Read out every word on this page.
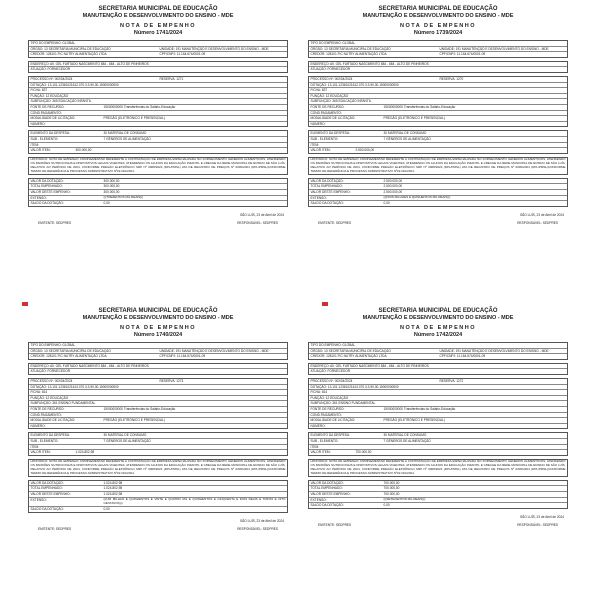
SECRETARIA MUNICIPAL DE EDUCAÇÃO
MANUTENÇÃO E DESENVOLVIMENTO DO ENSINO - MDE
NOTA DE EMPENHO
Número 1741/2024
TIPO DO EMPENHO: GLOBAL
ÓRGÃO: 13 SECRETARIA MUNICIPAL DE EDUCAÇÃO	UNIDADE: 191 MANUTENÇÃO E DESENVOLVIMENTO DO ENSINO - MDE
CREDOR: 128101 FIC NUTRY ALIMENTAÇÃO LTDA	CPF/CNPJ: 11.164.674/0001-09
ENDEREÇO: AV. GEL FURTADO NASCIMENTO 684 - 684 - ALTO DE PINHEIROS
ATUAÇÃO: FORNECEDOR
PROCESSO Nº: 002/04/2024	RESERVA: 1271
DOTAÇÃO: 13.101.12361021612.070.3.3.90.30.15000000000
FICHA: 837
FUNÇÃO: 12 EDUCAÇÃO
SUBFUNÇÃO: 365 EDUCAÇÃO INFANTIL
FONTE DE RECURSO:	15000000000 Transferências do Salário-Educação
COND.PAGAMENTO:
MODALIDADE DE LICITAÇÃO:	PREGÃO (ELETRÔNICO E PRESENCIAL)
NÚMERO:
ELEMENTO DA DESPESA:	30 MATERIAL DE CONSUMO
SUB - ELEMENTO:	7 GÊNEROS DE ALIMENTAÇÃO
ITEM:
VALOR ITEM:	300.000,00
HISTÓRICO: NOTA DE EMPENHO COMPLEMENTAR REFERENTE A CONTRATAÇÃO DE EMPRESA ESPECIALIZADA NO FORNECIMENTO GÊNEROS ALIMENTÍCIOS, ATENDENDO OS PADRÕES NUTRICIONAIS E DISPOSTIVOS LEGAIS VIGENTES, ATENDENDO OS ALUNOS DA EDUCAÇÃO INFANTIL E CRECHE DA REDE MUNICIPAL DE ENSINO DE SÃO LUÍS, RELATIVO AO PERÍODO DE 2024, CONFORME PREGÃO ELETRÔNICO SRP Nº 0008/2024 (DPL/PMSL) ATA DE REGISTRO DE PREÇOS Nº 0000/2024 (DPL/PMSL)CONFORME TERMO DE REFERÊNCIA E PROCESSO ADMINISTRATIVO Nº02.210/2024.
VALOR DA DOTAÇÃO:	300.000,00
TOTAL EMPENHADO:	300.000,00
VALOR DESTE EMPENHO:	300.000,00
EXTENSO:	(((TREZENTOS MIL REAIS)))
SALDO DA DOTAÇÃO:	0,00
SÃO LUÍS, 23 de Abril de 2024
EMITENTE: SEDPRES	RESPONSÁVEL: SEDPRES
SECRETARIA MUNICIPAL DE EDUCAÇÃO
MANUTENÇÃO E DESENVOLVIMENTO DO ENSINO - MDE
NOTA DE EMPENHO
Número 1739/2024
TIPO DO EMPENHO: GLOBAL
ÓRGÃO: 13 SECRETARIA MUNICIPAL DE EDUCAÇÃO	UNIDADE: 191 MANUTENÇÃO E DESENVOLVIMENTO DO ENSINO - MDE
CREDOR: 128101 FIC NUTRY ALIMENTAÇÃO LTDA	CPF/CNPJ: 11.164.674/0001-09
ENDEREÇO: AV. GEL FURTADO NASCIMENTO 684 - 684 - ALTO DE PINHEIROS
ATUAÇÃO: FORNECEDOR
PROCESSO Nº: 002/04/2024	RESERVA: 1270
DOTAÇÃO: 13.101.12361021612.070.3.3.90.30.15000000000
FICHA: 837
FUNÇÃO: 12 EDUCAÇÃO
SUBFUNÇÃO: 365 EDUCAÇÃO INFANTIL
FONTE DE RECURSO:	15000000000 Transferências do Salário-Educação
COND.PAGAMENTO:
MODALIDADE DE LICITAÇÃO:	PREGÃO (ELETRÔNICO E PRESENCIAL)
NÚMERO:
ELEMENTO DA DESPESA:	30 MATERIAL DE CONSUMO
SUB - ELEMENTO:	7 GÊNEROS DE ALIMENTAÇÃO
ITEM:
VALOR ITEM:	2.500.000,00
HISTÓRICO: NOTA DE EMPENHO COMPLEMENTAR REFERENTE A CONTRATAÇÃO DE EMPRESA ESPECIALIZADA NO FORNECIMENTO GÊNEROS ALIMENTÍCIOS, ATENDENDO OS PADRÕES NUTRICIONAIS E DISPOSTIVOS LEGAIS VIGENTES, ATENDENDO OS ALUNOS DA EDUCAÇÃO INFANTIL E CRECHE DA REDE MUNICIPAL DE ENSINO DE SÃO LUÍS, RELATIVO AO PERÍODO DE 2024, CONFORME PREGÃO ELETRÔNICO SRP Nº 0008/2024 (DPL/PMSL) ATA DE REGISTRO DE PREÇOS Nº 0000/2024 (DPL/PMSL)CONFORME TERMO DE REFERÊNCIA E PROCESSO ADMINISTRATIVO Nº02.210/2024.
VALOR DA DOTAÇÃO:	2.500.000,00
TOTAL EMPENHADO:	2.500.000,00
VALOR DESTE EMPENHO:	2.500.000,00
EXTENSO:	(((DOIS MILHÕES E QUINHENTOS MIL REAIS)))
SALDO DA DOTAÇÃO:	0,00
SÃO LUÍS, 23 de Abril de 2024
EMITENTE: SEDPRES	RESPONSÁVEL: SEDPRES
SECRETARIA MUNICIPAL DE EDUCAÇÃO
MANUTENÇÃO E DESENVOLVIMENTO DO ENSINO - MDE
NOTA DE EMPENHO
Número 1740/2024
TIPO DO EMPENHO: GLOBAL
ÓRGÃO: 13 SECRETARIA MUNICIPAL DE EDUCAÇÃO	UNIDADE: 191 MANUTENÇÃO E DESENVOLVIMENTO DO ENSINO - MDE
CREDOR: 128101 FIC NUTRY ALIMENTAÇÃO LTDA	CPF/CNPJ: 11.164.674/0001-09
ENDEREÇO: AV. GEL FURTADO NASCIMENTO 684 - 684 - ALTO DE PINHEIROS
ATUAÇÃO: FORNECEDOR
PROCESSO Nº: 002/04/2024	RESERVA: 1273
DOTAÇÃO: 13.101.12361021613.070.3.3.90.30.15000000000
FICHA: 814
FUNÇÃO: 12 EDUCAÇÃO
SUBFUNÇÃO: 361 ENSINO FUNDAMENTAL
FONTE DE RECURSO:	15000000000 Transferências do Salário-Educação
COND.PAGAMENTO:
MODALIDADE DE LICITAÇÃO:	PREGÃO (ELETRÔNICO E PRESENCIAL)
NÚMERO:
ELEMENTO DA DESPESA:	30 MATERIAL DE CONSUMO
SUB - ELEMENTO:	7 GÊNEROS DE ALIMENTAÇÃO
ITEM:
VALOR ITEM:	1.024.802,98
HISTÓRICO: NOTA DE EMPENHO COMPLEMENTAR REFERENTE A CONTRATAÇÃO DE EMPRESA ESPECIALIZADA NO FORNECIMENTO GÊNEROS ALIMENTÍCIOS, ATENDENDO OS PADRÕES NUTRICIONAIS E DISPOSTIVOS LEGAIS VIGENTES, ATENDENDO OS ALUNOS DA EDUCAÇÃO INFANTIL E CRECHE DA REDE MUNICIPAL DE ENSINO DE SÃO LUÍS, RELATIVO AO PERÍODO DE 2024, CONFORME PREGÃO ELETRÔNICO SRP Nº 0008/2024 (DPL/PMSL) ATA DE REGISTRO DE PREÇOS Nº 0000/2024 (DPL/PMSL)CONFORME TERMO DE REFERÊNCIA E PROCESSO ADMINISTRATIVO Nº02.210/2024.
VALOR DA DOTAÇÃO:	1.024.802,98
TOTAL EMPENHADO:	1.024.802,98
VALOR DESTE EMPENHO:	1.024.802,98
EXTENSO:	(((UM MILHÃO E QUINHENTOS E VINTE E QUATRO MIL E QUINHENTOS E CINQUENTA E DOIS REAIS E TRINTA E OITO CENTAVOS)))
SALDO DA DOTAÇÃO:	0,00
SÃO LUÍS, 23 de Abril de 2024
EMITENTE: SEDPRES	RESPONSÁVEL: SEDPRES
SECRETARIA MUNICIPAL DE EDUCAÇÃO
MANUTENÇÃO E DESENVOLVIMENTO DO ENSINO - MDE
NOTA DE EMPENHO
Número 1742/2024
TIPO DO EMPENHO: GLOBAL
ÓRGÃO: 13 SECRETARIA MUNICIPAL DE EDUCAÇÃO	UNIDADE: 191 MANUTENÇÃO E DESENVOLVIMENTO DO ENSINO - MDE
CREDOR: 128101 FIC NUTRY ALIMENTAÇÃO LTDA	CPF/CNPJ: 11.164.674/0001-09
ENDEREÇO: AV. GEL FURTADO NASCIMENTO 684 - 684 - ALTO DE PINHEIROS
ATUAÇÃO: FORNECEDOR
PROCESSO Nº: 002/04/2024	RESERVA: 1272
DOTAÇÃO: 13.101.12361021613.070.3.3.90.30.15000000000
FICHA: 814
FUNÇÃO: 12 EDUCAÇÃO
SUBFUNÇÃO: 361 ENSINO FUNDAMENTAL
FONTE DE RECURSO:	15000000000 Transferências do Salário-Educação
COND.PAGAMENTO:
MODALIDADE DE LICITAÇÃO:	PREGÃO (ELETRÔNICO E PRESENCIAL)
NÚMERO:
ELEMENTO DA DESPESA:	30 MATERIAL DE CONSUMO
SUB - ELEMENTO:	7 GÊNEROS DE ALIMENTAÇÃO
ITEM:
VALOR ITEM:	700.000,00
HISTÓRICO: NOTA DE EMPENHO COMPLEMENTAR REFERENTE A CONTRATAÇÃO DE EMPRESA ESPECIALIZADA NO FORNECIMENTO GÊNEROS ALIMENTÍCIOS, ATENDENDO OS PADRÕES NUTRICIONAIS E DISPOSTIVOS LEGAIS VIGENTES, ATENDENDO OS ALUNOS DA EDUCAÇÃO INFANTIL E CRECHE DA REDE MUNICIPAL DE ENSINO DE SÃO LUÍS, RELATIVO AO PERÍODO DE 2024, CONFORME PREGÃO ELETRÔNICO SRP Nº 0008/2024 (DPL/PMSL) ATA DE REGISTRO DE PREÇOS Nº 0000/2024 (DPL/PMSL)CONFORME TERMO DE REFERÊNCIA E PROCESSO ADMINISTRATIVO Nº02.210/2024.
VALOR DA DOTAÇÃO:	700.000,00
TOTAL EMPENHADO:	700.000,00
VALOR DESTE EMPENHO:	700.000,00
EXTENSO:	(((SETECENTOS MIL REAIS)))
SALDO DA DOTAÇÃO:	0,00
SÃO LUÍS, 23 de Abril de 2024
EMITENTE: SEDPRES	RESPONSÁVEL: SEDPRES
